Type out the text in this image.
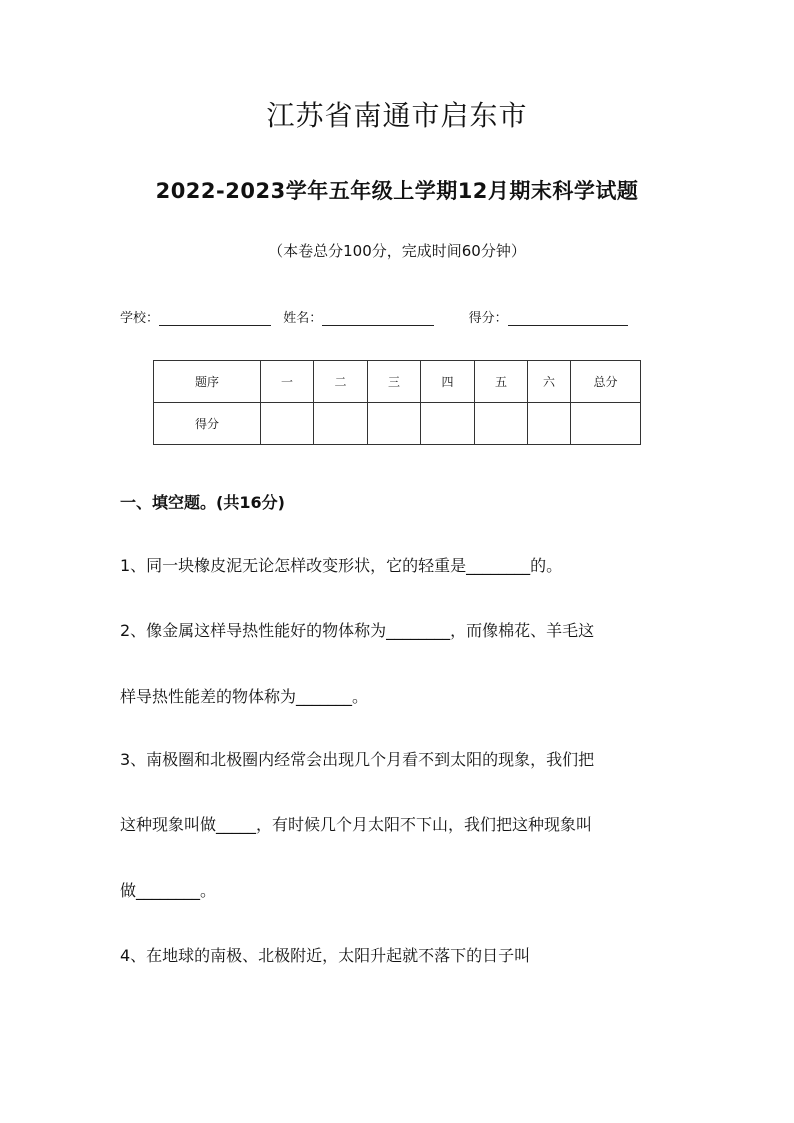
江苏省南通市启东市
2022-2023学年五年级上学期12月期末科学试题
（本卷总分100分，完成时间60分钟）
学校：	姓名：	得分：
题序	一	二	三	四	五	六	总分
得分							
一、填空题。(共16分)
1、同一块橡皮泥无论怎样改变形状，它的轻重是________的。
2、像金属这样导热性能好的物体称为________，而像棉花、羊毛这
样导热性能差的物体称为_______。
3、南极圈和北极圈内经常会出现几个月看不到太阳的现象，我们把
这种现象叫做_____，有时候几个月太阳不下山，我们把这种现象叫
做________。
4、在地球的南极、北极附近，太阳升起就不落下的日子叫
